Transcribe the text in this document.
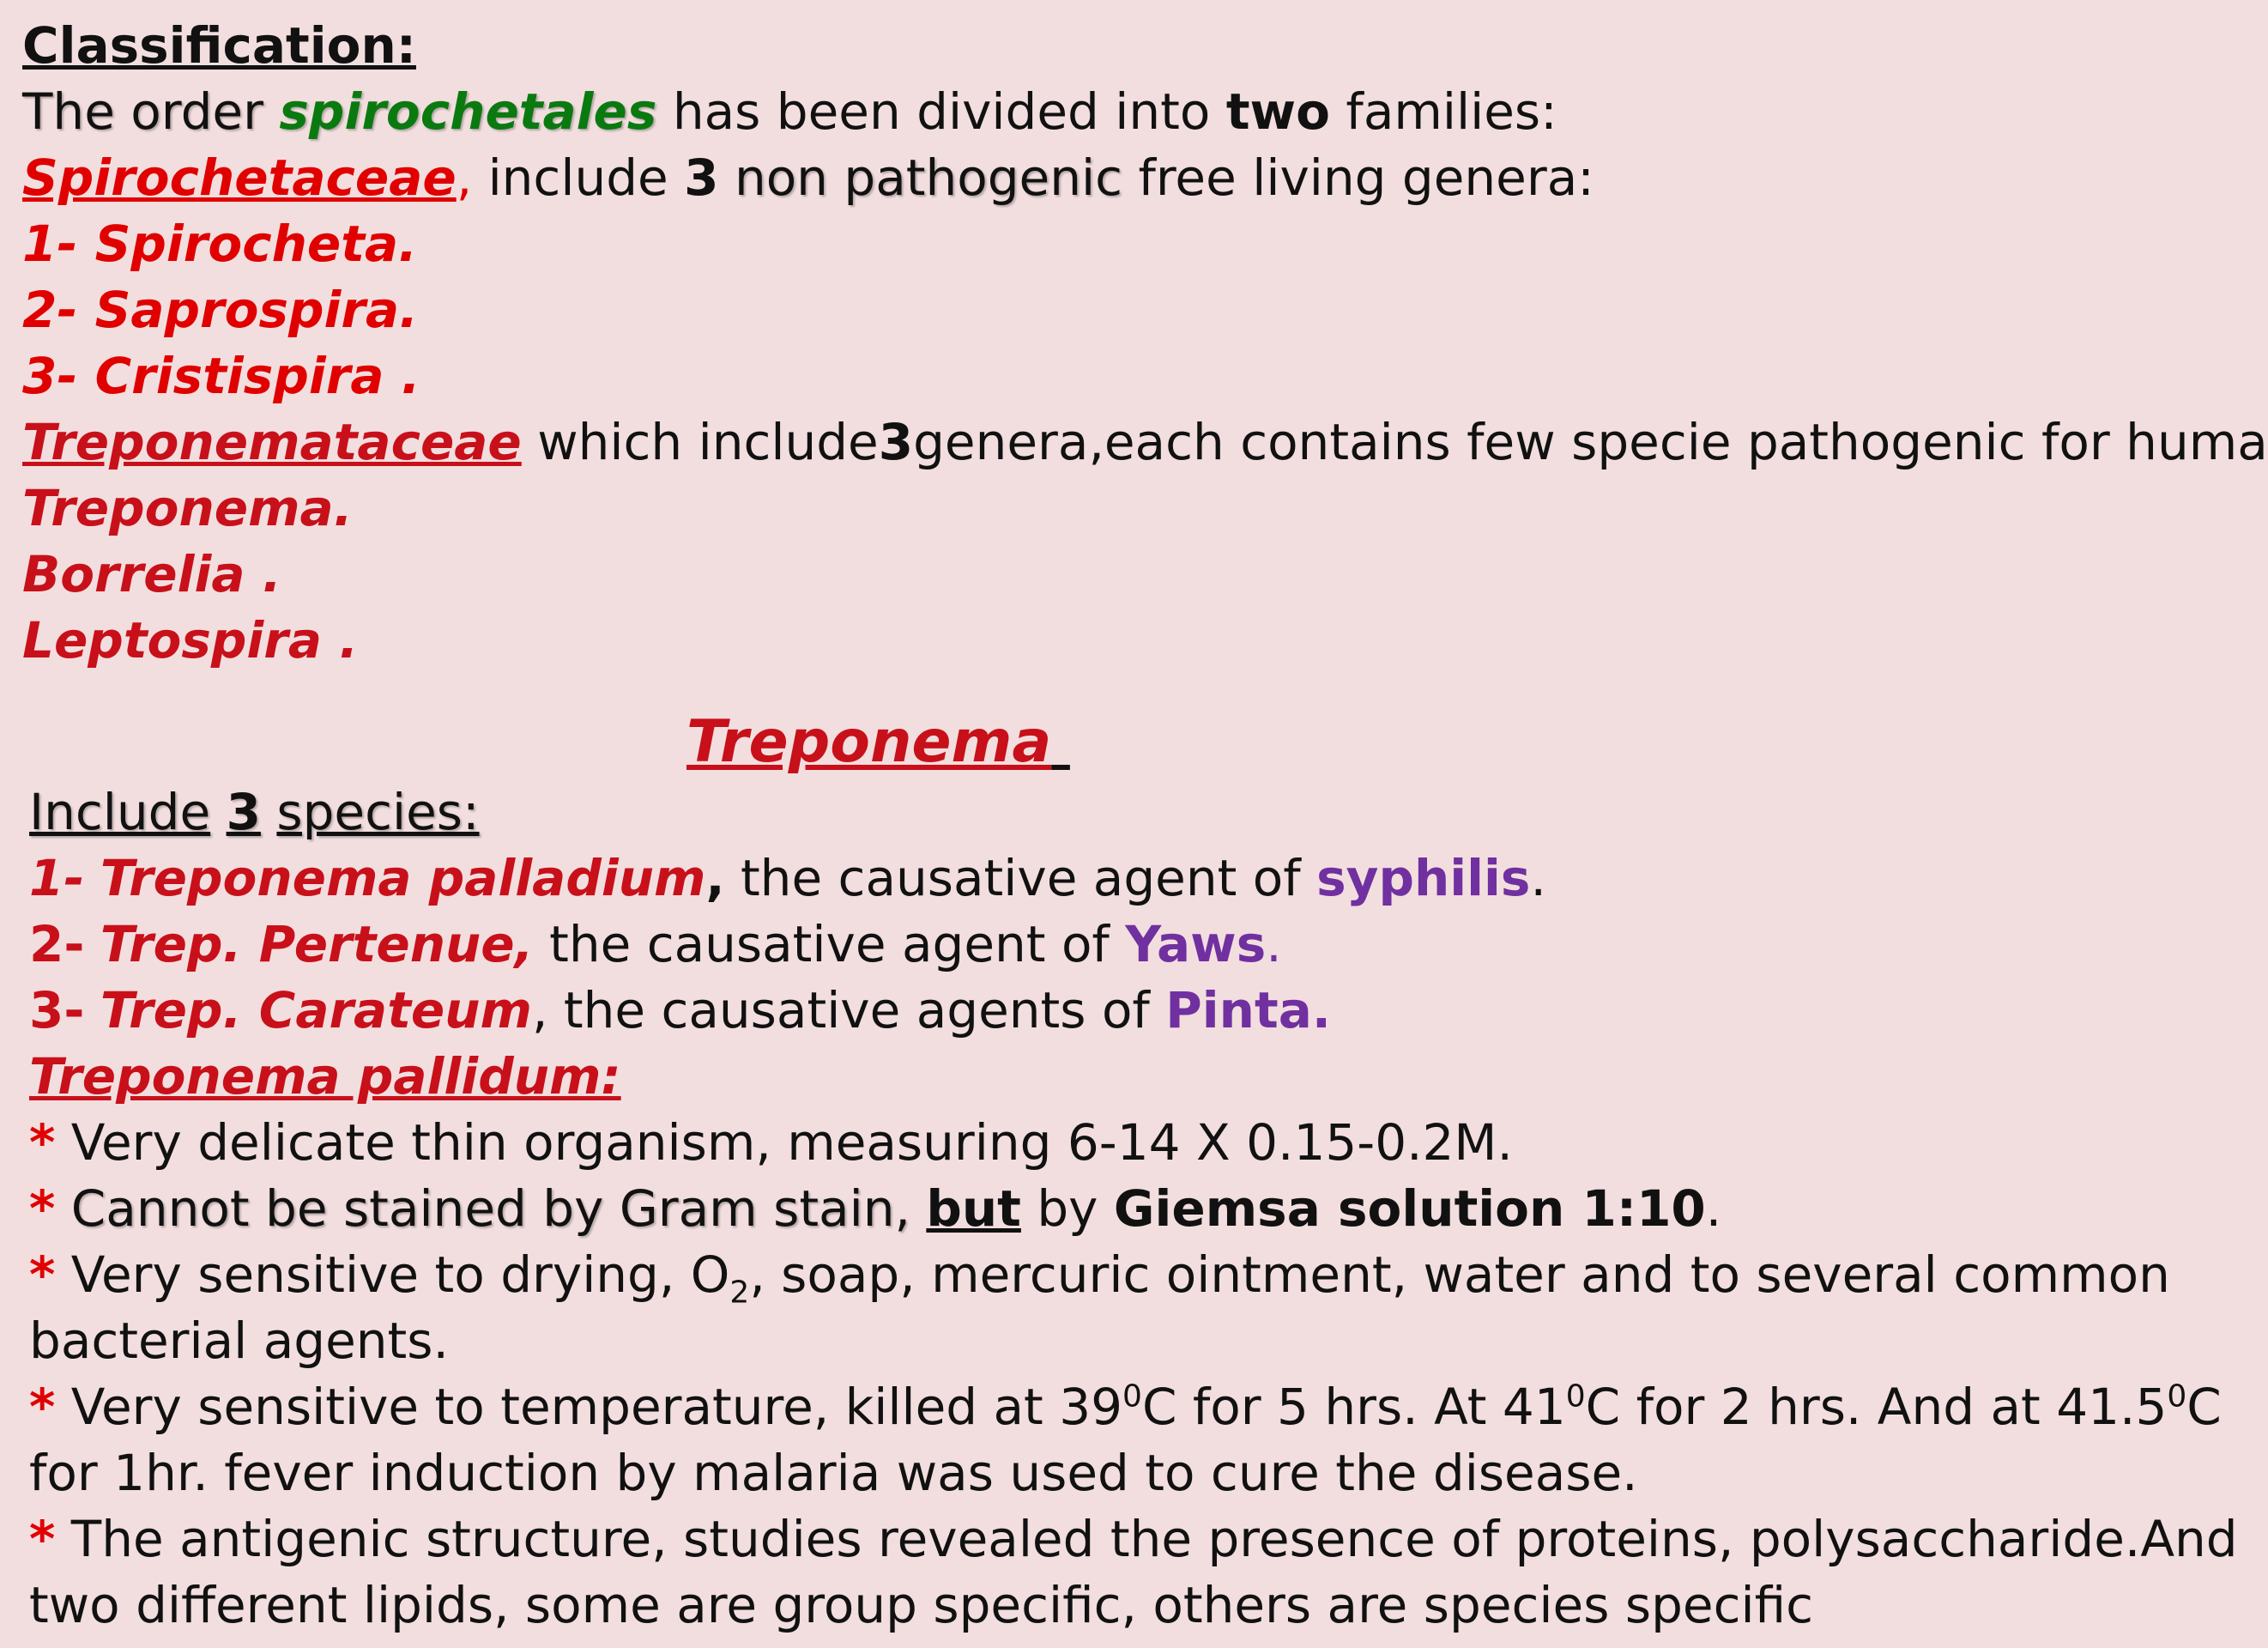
Classification:
The order spirochetales has been divided into two families:
Spirochetaceae, include 3 non pathogenic free living genera:
1- Spirocheta.
2- Saprospira.
3- Cristispira .
Treponemataceae which include3genera,each contains few specie pathogenic for huma
Treponema.
Borrelia .
Leptospira .
Treponema
Include 3 species:
1- Treponema palladium, the causative agent of syphilis.
2- Trep. Pertenue, the causative agent of Yaws.
3- Trep. Carateum, the causative agents of Pinta.
Treponema pallidum:
* Very delicate thin organism, measuring 6-14 X 0.15-0.2M.
* Cannot be stained by Gram stain, but by Giemsa solution 1:10.
* Very sensitive to drying, $O_2$, soap, mercuric ointment, water and to several common
bacterial agents.
* Very sensitive to temperature, killed at $39^0C$ for 5 hrs. At $41^0C$ for 2 hrs. And at 41.5$^0$C
for 1hr. fever induction by malaria was used to cure the disease.
* The antigenic structure, studies revealed the presence of proteins, polysaccharide.And
two different lipids, some are group specific, others are species specific
